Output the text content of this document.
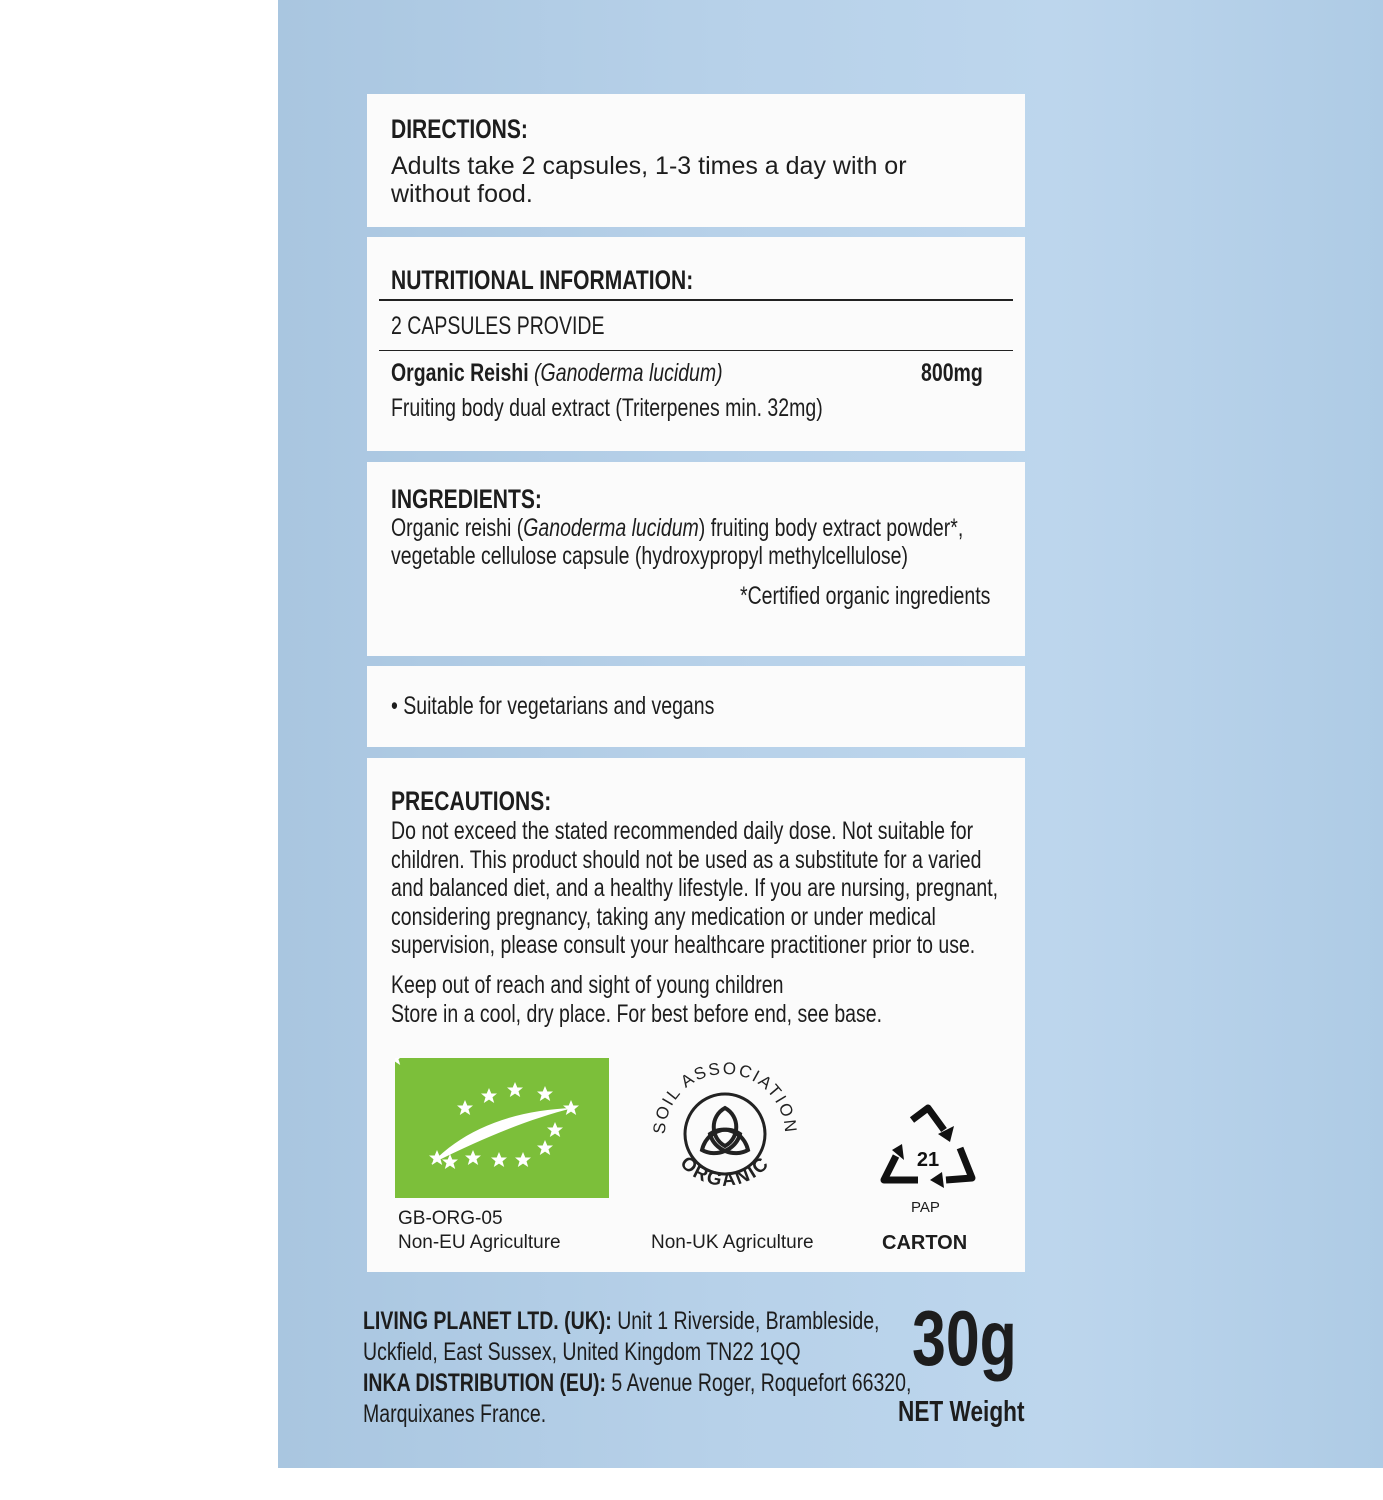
DIRECTIONS:
Adults take 2 capsules, 1-3 times a day with or
without food.
NUTRITIONAL INFORMATION:
2 CAPSULES PROVIDE
Organic Reishi (Ganoderma lucidum)	800mg
Fruiting body dual extract (Triterpenes min. 32mg)
INGREDIENTS:
Organic reishi (Ganoderma lucidum) fruiting body extract powder*,
vegetable cellulose capsule (hydroxypropyl methylcellulose)
*Certified organic ingredients
• Suitable for vegetarians and vegans
PRECAUTIONS:
Do not exceed the stated recommended daily dose. Not suitable for
children. This product should not be used as a substitute for a varied
and balanced diet, and a healthy lifestyle. If you are nursing, pregnant,
considering pregnancy, taking any medication or under medical
supervision, please consult your healthcare practitioner prior to use.
Keep out of reach and sight of young children
Store in a cool, dry place. For best before end, see base.
GB-ORG-05
Non-EU Agriculture
SOIL ASSOCIATION
ORGANIC
Non-UK Agriculture
21
PAP
CARTON
LIVING PLANET LTD. (UK): Unit 1 Riverside, Brambleside,
Uckfield, East Sussex, United Kingdom TN22 1QQ
INKA DISTRIBUTION (EU): 5 Avenue Roger, Roquefort 66320,
Marquixanes France.
30g
NET Weight
